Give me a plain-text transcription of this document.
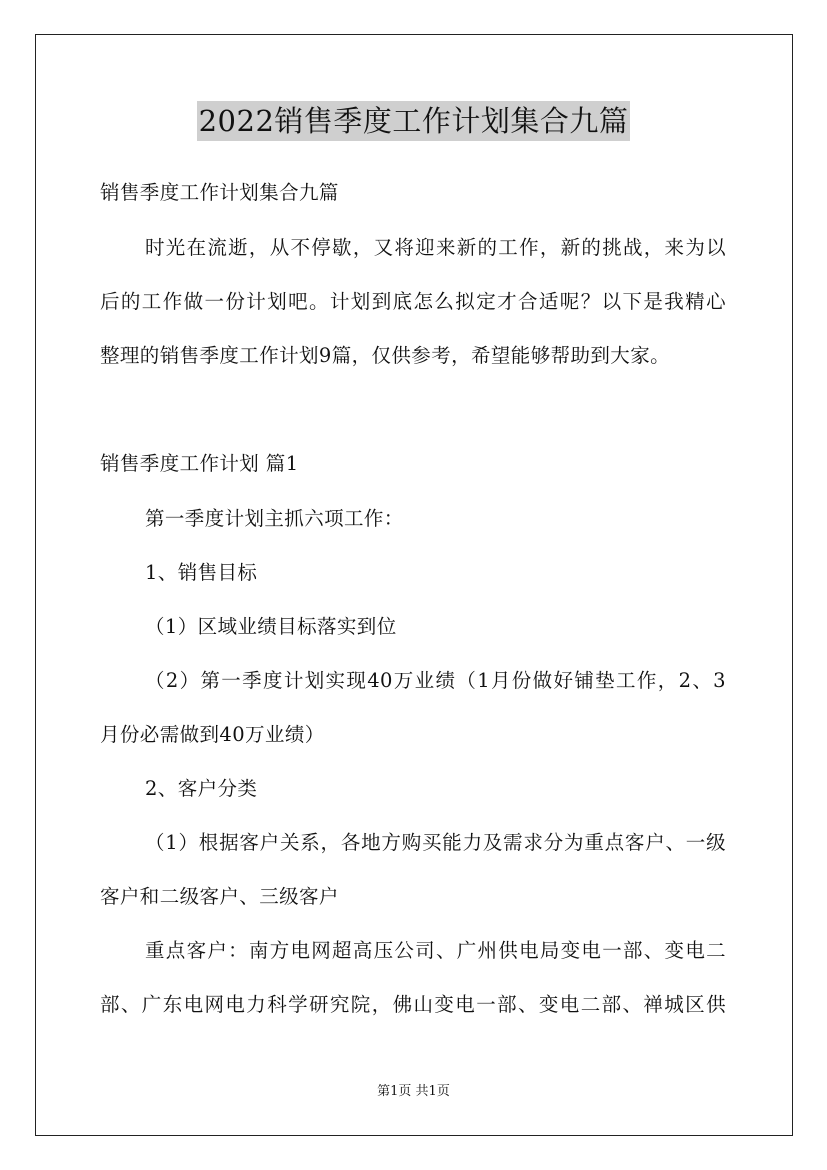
2022销售季度工作计划集合九篇
销售季度工作计划集合九篇
时光在流逝，从不停歇，又将迎来新的工作，新的挑战，来为以
后的工作做一份计划吧。计划到底怎么拟定才合适呢？以下是我精心
整理的销售季度工作计划9篇，仅供参考，希望能够帮助到大家。
销售季度工作计划 篇1
第一季度计划主抓六项工作：
1、销售目标
（1）区域业绩目标落实到位
（2）第一季度计划实现40万业绩（1月份做好铺垫工作，2、3
月份必需做到40万业绩）
2、客户分类
（1）根据客户关系，各地方购买能力及需求分为重点客户、一级
客户和二级客户、三级客户
重点客户：南方电网超高压公司、广州供电局变电一部、变电二
部、广东电网电力科学研究院，佛山变电一部、变电二部、禅城区供
第1页 共1页
